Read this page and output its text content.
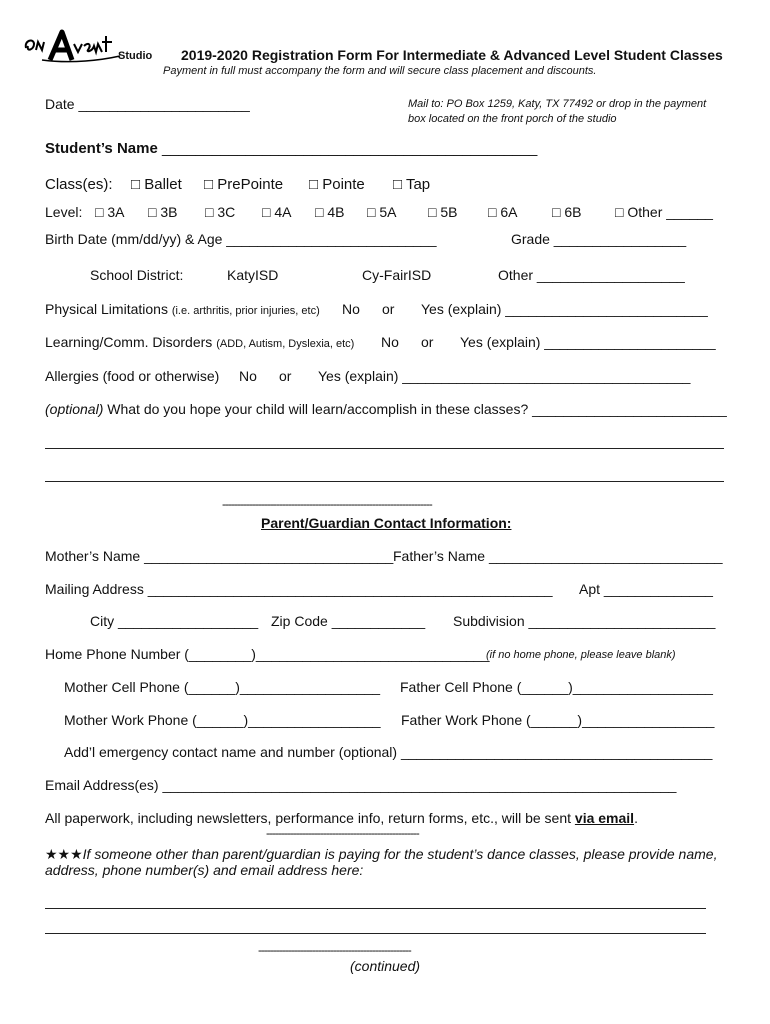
Studio 2019-2020 Registration Form For Intermediate & Advanced Level Student Classes
Payment in full must accompany the form and will secure class placement and discounts.
Date ______________________	Mail to: PO Box 1259, Katy, TX 77492 or drop in the payment
box located on the front porch of the studio
Student’s Name _____________________________________________
Class(es): □ Ballet □ PrePointe □ Pointe □ Tap
Level: □ 3A □ 3B □ 3C □ 4A □ 4B □ 5A □ 5B □ 6A □ 6B □ Other ______
Birth Date (mm/dd/yy) & Age ___________________________	Grade _________________
School District:	KatyISD	Cy-FairISD	Other ___________________
Physical Limitations (i.e. arthritis, prior injuries, etc) No or Yes (explain) __________________________
Learning/Comm. Disorders (ADD, Autism, Dyslexia, etc) No or Yes (explain) ______________________
Allergies (food or otherwise) No or Yes (explain) _____________________________________
(optional) What do you hope your child will learn/accomplish in these classes? _________________________
----------------------------------------------------------------------
Parent/Guardian Contact Information:
Mother’s Name ________________________________ Father’s Name ______________________________
Mailing Address ____________________________________________________ Apt ______________
City __________________ Zip Code ____________ Subdivision ________________________
Home Phone Number (________)______________________________
(if no home phone, please leave blank)
Mother Cell Phone (______)__________________ Father Cell Phone (______)__________________
Mother Work Phone (______)_________________ Father Work Phone (______)_________________
Add’l emergency contact name and number (optional) ________________________________________
Email Address(es) __________________________________________________________________
All paperwork, including newsletters, performance info, return forms, etc., will be sent via email.
---------------------------------------------------
★★★If someone other than parent/guardian is paying for the student’s dance classes, please provide name,
address, phone number(s) and email address here:
---------------------------------------------------
(continued)
